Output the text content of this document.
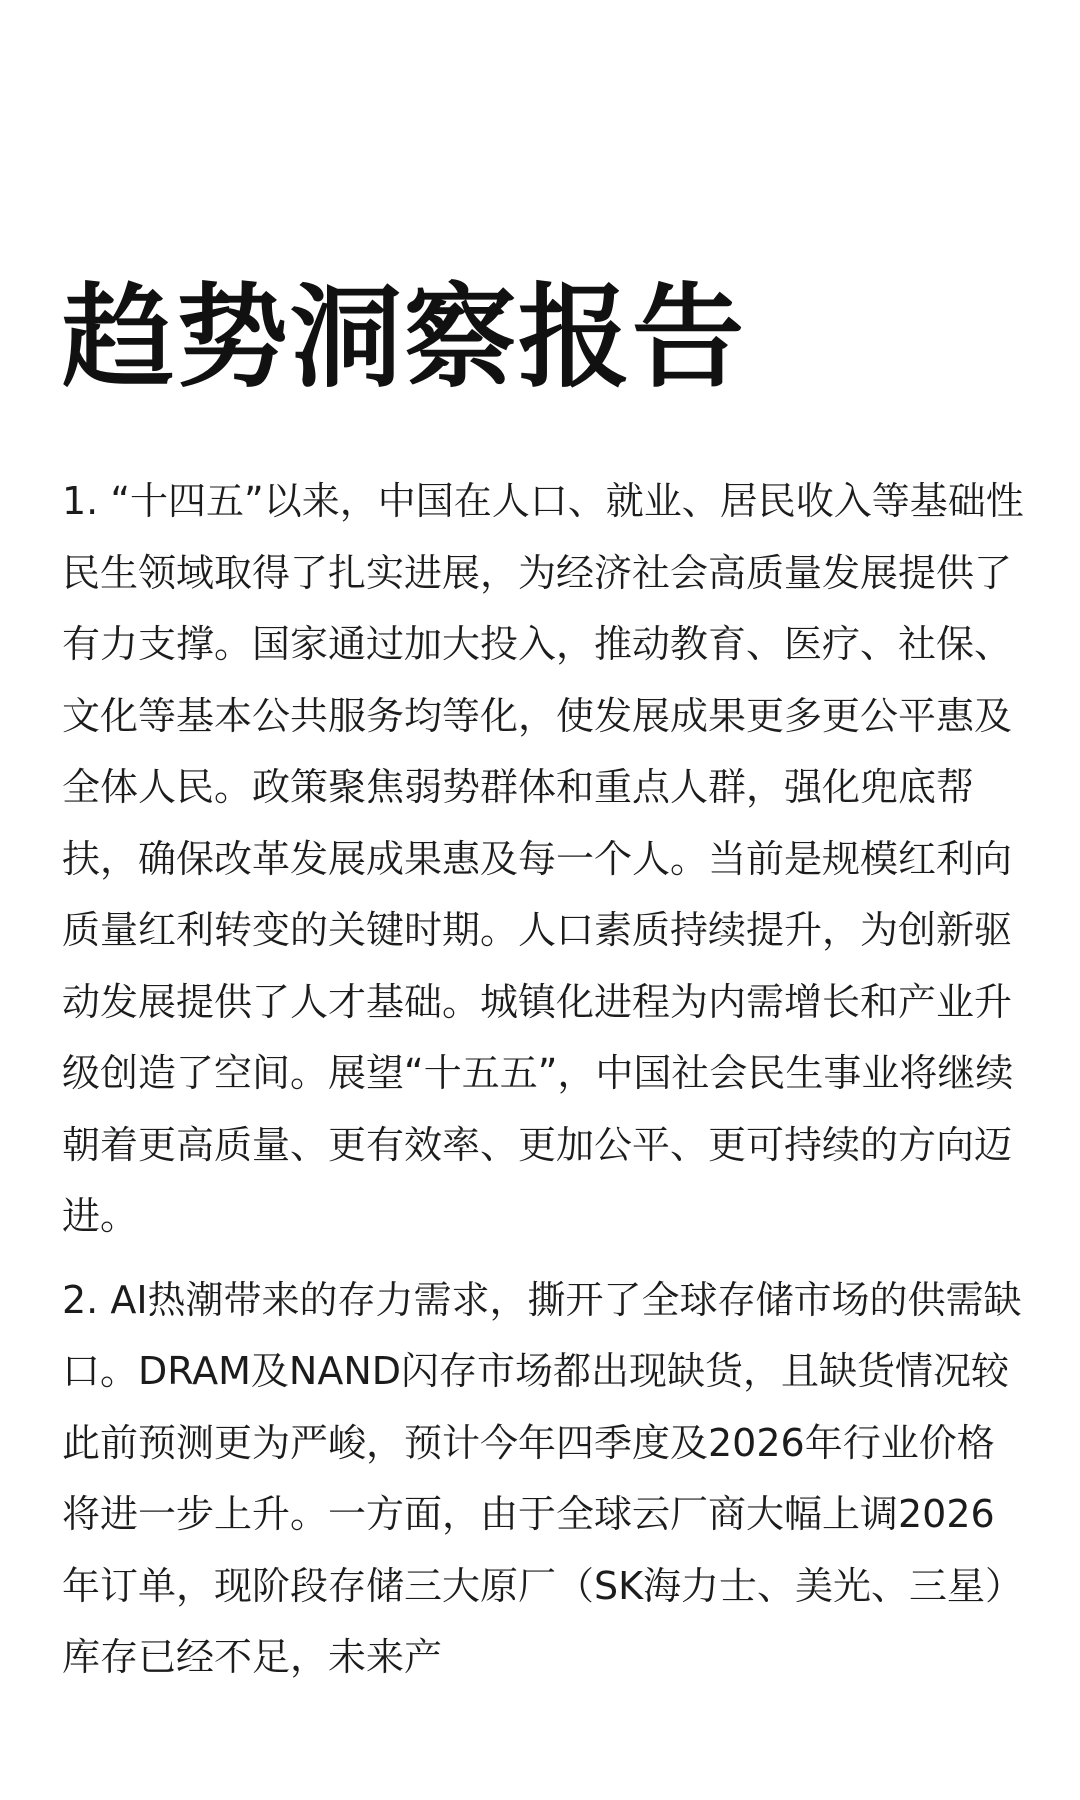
趋势洞察报告

1. “十四五”以来，中国在人口、就业、居民收入等基础性民生领域取得了扎实进展，为经济社会高质量发展提供了有力支撑。国家通过加大投入，推动教育、医疗、社保、文化等基本公共服务均等化，使发展成果更多更公平惠及全体人民。政策聚焦弱势群体和重点人群，强化兜底帮扶，确保改革发展成果惠及每一个人。当前是规模红利向质量红利转变的关键时期。人口素质持续提升，为创新驱动发展提供了人才基础。城镇化进程为内需增长和产业升级创造了空间。展望“十五五”，中国社会民生事业将继续朝着更高质量、更有效率、更加公平、更可持续的方向迈进。

2. AI热潮带来的存力需求，撕开了全球存储市场的供需缺口。DRAM及NAND闪存市场都出现缺货，且缺货情况较此前预测更为严峻，预计今年四季度及2026年行业价格将进一步上升。一方面，由于全球云厂商大幅上调2026年订单，现阶段存储三大原厂（SK海力士、美光、三星）库存已经不足，未来产
